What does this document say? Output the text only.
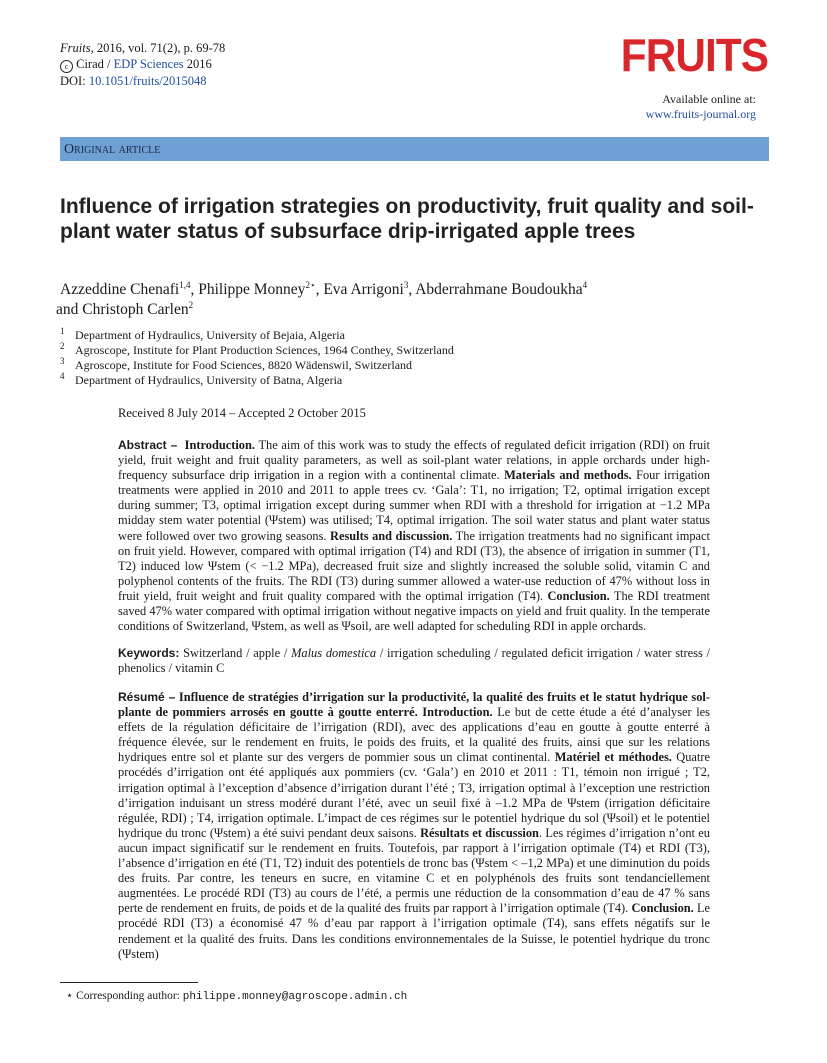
Fruits, 2016, vol. 71(2), p. 69-78
c Cirad / EDP Sciences 2016
DOI: 10.1051/fruits/2015048	FRUITS
Available online at:
www.fruits-journal.org
Original article
Influence of irrigation strategies on productivity, fruit quality and soil-plant water status of subsurface drip-irrigated apple trees
Azzeddine Chenafi$^{1,4}$, Philippe Monney$^{2⋆}$, Eva Arrigoni$^3$, Abderrahmane Boudoukha$^4$
and Christoph Carlen$^2$
1 Department of Hydraulics, University of Bejaia, Algeria
2 Agroscope, Institute for Plant Production Sciences, 1964 Conthey, Switzerland
3 Agroscope, Institute for Food Sciences, 8820 Wädenswil, Switzerland
4 Department of Hydraulics, University of Batna, Algeria
Received 8 July 2014 – Accepted 2 October 2015
Abstract – Introduction. The aim of this work was to study the effects of regulated deficit irrigation (RDI) on fruit yield, fruit weight and fruit quality parameters, as well as soil-plant water relations, in apple orchards under high-frequency subsurface drip irrigation in a region with a continental climate. Materials and methods. Four irrigation treatments were applied in 2010 and 2011 to apple trees cv. ‘Gala’: T1, no irrigation; T2, optimal irrigation except during summer; T3, optimal irrigation except during summer when RDI with a threshold for irrigation at −1.2 MPa midday stem water potential (Ψstem) was utilised; T4, optimal irrigation. The soil water status and plant water status were followed over two growing seasons. Results and discussion. The irrigation treatments had no significant impact on fruit yield. However, compared with optimal irrigation (T4) and RDI (T3), the absence of irrigation in summer (T1, T2) induced low Ψstem (< −1.2 MPa), decreased fruit size and slightly increased the soluble solid, vitamin C and polyphenol contents of the fruits. The RDI (T3) during summer allowed a water-use reduction of 47% without loss in fruit yield, fruit weight and fruit quality compared with the optimal irrigation (T4). Conclusion. The RDI treatment saved 47% water compared with optimal irrigation without negative impacts on yield and fruit quality. In the temperate conditions of Switzerland, Ψstem, as well as Ψsoil, are well adapted for scheduling RDI in apple orchards.
Keywords: Switzerland / apple / Malus domestica / irrigation scheduling / regulated deficit irrigation / water stress / phenolics / vitamin C
Résumé – Influence de stratégies d’irrigation sur la productivité, la qualité des fruits et le statut hydrique sol-plante de pommiers arrosés en goutte à goutte enterré. Introduction. Le but de cette étude a été d’analyser les effets de la régulation déficitaire de l’irrigation (RDI), avec des applications d’eau en goutte à goutte enterré à fréquence élevée, sur le rendement en fruits, le poids des fruits, et la qualité des fruits, ainsi que sur les relations hydriques entre sol et plante sur des vergers de pommier sous un climat continental. Matériel et méthodes. Quatre procédés d’irrigation ont été appliqués aux pommiers (cv. ‘Gala’) en 2010 et 2011 : T1, témoin non irrigué ; T2, irrigation optimal à l’exception d’absence d’irrigation durant l’été ; T3, irrigation optimal à l’exception une restriction d’irrigation induisant un stress modéré durant l’été, avec un seuil fixé à –1.2 MPa de Ψstem (irrigation déficitaire régulée, RDI) ; T4, irrigation optimale. L’impact de ces régimes sur le potentiel hydrique du sol (Ψsoil) et le potentiel hydrique du tronc (Ψstem) a été suivi pendant deux saisons. Résultats et discussion. Les régimes d’irrigation n’ont eu aucun impact significatif sur le rendement en fruits. Toutefois, par rapport à l’irrigation optimale (T4) et RDI (T3), l’absence d’irrigation en été (T1, T2) induit des potentiels de tronc bas (Ψstem < –1,2 MPa) et une diminution du poids des fruits. Par contre, les teneurs en sucre, en vitamine C et en polyphénols des fruits sont tendanciellement augmentées. Le procédé RDI (T3) au cours de l’été, a permis une réduction de la consommation d’eau de 47 % sans perte de rendement en fruits, de poids et de la qualité des fruits par rapport à l’irrigation optimale (T4). Conclusion. Le procédé RDI (T3) a économisé 47 % d’eau par rapport à l’irrigation optimale (T4), sans effets négatifs sur le rendement et la qualité des fruits. Dans les conditions environnementales de la Suisse, le potentiel hydrique du tronc (Ψstem)
⋆ Corresponding author: philippe.monney@agroscope.admin.ch
